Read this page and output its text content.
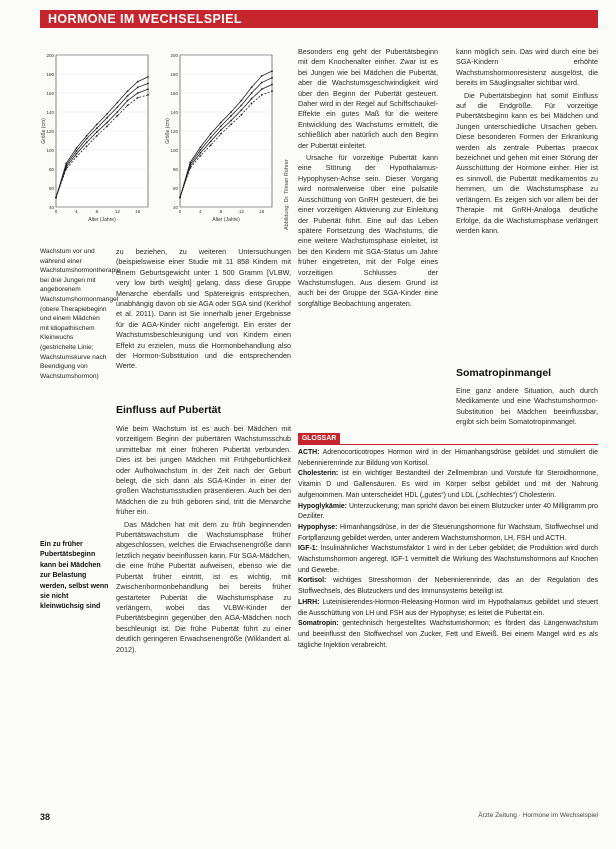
HORMONE IM WECHSELSPIEL
40
60
80
100
120
140
160
180
200
0	4	8	12	16
Alter (Jahre)
Größe (cm)
40
60
80
100
120
140
160
180
200
0	4	8	12	16
Alter (Jahre)
Größe (cm)
Abbildung: Dr. Tilman Rohrer
Wachstum vor und während einer Wachstumshormontherapie bei drei Jungen mit angeborenem Wachstumshormonmangel (obere Therapiebeginn und einem Mädchen mit idiopathischem Kleinwuchs (gestrichelte Linie; Wachstumskurve nach Beendigung von Wachstumshormon)
Ein zu früher Pubertätsbeginn kann bei Mädchen zur Belastung werden, selbst wenn sie nicht kleinwüchsig sind

zu beziehen, zu weiteren Untersuchungen (beispielsweise einer Studie mit 11 858 Kindern mit einem Geburtsgewicht unter 1 500 Gramm [VLBW, very low birth weight] gelang, dass diese Gruppe Menarche ebenfalls und Spätereignis entsprechen, unabhängig davon ob sie AGA oder SGA sind (Kerkhof et al. 2011). Dann ist Sie innerhalb jener Ergebnisse für die AGA-Kinder nicht angefertigt. Ein erster der Wachstumsbeschleunigung und von Kindern einen Effekt zu erzielen, muss die Hormonbehandlung also der Hormon-Substitution und die entsprechenden Werte.

Einfluss auf Pubertät

Wie beim Wachstum ist es auch bei Mädchen mit vorzeitigem Beginn der pubertären Wachstumsschub unmittelbar mit einer früheren Pubertät verbunden. Dies ist bei jungen Mädchen mit Frühgeburtlichkeit oder Aufholwachstum in der Zeit nach der Geburt belegt, die sich dann als SGA-Kinder in einer der großen Wachstumsstudien präsentieren. Auch bei den Mädchen die zu früh geboren sind, tritt die Menarche früher ein.

Das Mädchen hat mit dem zu früh beginnenden Pubertätswachstum die Wachstumsphase früher abgeschlossen, welches die Erwachsenengröße dann letztlich negativ beeinflussen kann. Für SGA-Mädchen, die eine frühe Pubertät aufweisen, ebenso wie die Pubertät früher eintritt, ist es wichtig, mit Zwischenhormonbehandlung bei bereits früher gestarteter Pubertät die Wachstumsphase zu verlängern, wobei das VLBW-Kinder der Pubertätsbeginn gegenüber den AGA-Mädchen noch beschleunigt ist. Die frühe Pubertät führt zu einer deutlich geringeren Erwachsenengröße (Wiklandert al. 2012).

Besonders eng geht der Pubertätsbeginn mit dem Knochenalter einher. Zwar ist es bei Jungen wie bei Mädchen die Pubertät, aber die Wachstumsgeschwindigkeit wird über den Beginn der Pubertät gesteuert. Daher wird in der Regel auf Schiffschaukel-Effekte ein gutes Maß für die weitere Entwicklung des Wachstums ermittelt, die schließlich aber natürlich auch den Beginn der Pubertät einleitet.

Ursache für vorzeitige Pubertät kann eine Störung der Hypothalamus-Hypophysen-Achse sein. Dieser Vorgang wird normalerweise über eine pulsatile Ausschüttung von GnRH gesteuert, die bei einer vorzeitigen Aktivierung zur Einleitung der Pubertät führt. Eine auf das Leben spätere Fortsetzung des Wachstums, die eine weitere Wachstumsphase einleitet, ist bei den Kindern mit SGA-Status um Jahre früher eingetreten, mit der Folge eines vorzeitigen Schlusses der Wachstumsfugen. Aus diesem Grund ist auch bei der Gruppe der SGA-Kinder eine sorgfältige Beobachtung angeraten.

kann möglich sein. Das wird durch eine bei SGA-Kindern erhöhte Wachstumshormonresistenz ausgelöst, die bereits im Säuglingsalter sichtbar wird.

Die Pubertätsbeginn hat somit Einfluss auf die Endgröße. Für vorzeitige Pubertätsbeginn kann es bei Mädchen und Jungen unterschiedliche Ursachen geben. Diese besonderen Formen der Erkrankung werden als zentrale Pubertas praecox bezeichnet und gehen mit einer Störung der Ausschüttung der Hormone einher. Hier ist es sinnvoll, die Pubertät medikamentös zu hemmen, um die Wachstumsphase zu verlängern. Es zeigen sich vor allem bei der Therapie mit GnRH-Analoga deutliche Erfolge, da die Wachstumsphase verlängert werden kann.

Somatropinmangel

Eine ganz andere Situation, auch durch Medikamente und eine Wachstumshormon-Substitution bei Mädchen beeinflussbar, ergibt sich beim Somatotropinmangel.

GLOSSAR

ACTH: Adrenocorticotropes Hormon wird in der Hirnanhangsdrüse gebildet und stimuliert die Nebennierenrinde zur Bildung von Kortisol.

Cholesterin: ist ein wichtiger Bestandteil der Zellmembran und Vorstufe für Steroidhormone, Vitamin D und Gallensäuren. Es wird im Körper selbst gebildet und mit der Nahrung aufgenommen. Man unterscheidet HDL („gutes“) und LDL („schlechtes“) Cholesterin.

Hypoglykämie: Unterzuckerung; man spricht davon bei einem Blutzucker unter 40 Milligramm pro Deziliter.

Hypophyse: Hirnanhangsdrüse, in der die Steuerungshormone für Wachstum, Stoffwechsel und Fortpflanzung gebildet werden, unter anderem Wachstumshormon, LH, FSH und ACTH.

IGF-1: Insulinähnlicher Wachstumsfaktor 1 wird in der Leber gebildet; die Produktion wird durch Wachstumshormon angeregt. IGF-1 vermittelt die Wirkung des Wachstumshormons auf Knochen und Gewebe.

Kortisol: wichtiges Stresshormon der Nebennierenrinde, das an der Regulation des Stoffwechsels, des Blutzuckers und des Immunsystems beteiligt ist.

LHRH: Luteinisierendes-Hormon-Releasing-Hormon wird im Hypothalamus gebildet und steuert die Ausschüttung von LH und FSH aus der Hypophyse; es leitet die Pubertät ein.

Somatropin: gentechnisch hergestelltes Wachstumshormon; es fördert das Längenwachstum und beeinflusst den Stoffwechsel von Zucker, Fett und Eiweiß. Bei einem Mangel wird es als tägliche Injektion verabreicht.

38	Ärzte Zeitung · Hormone im Wechselspiel
